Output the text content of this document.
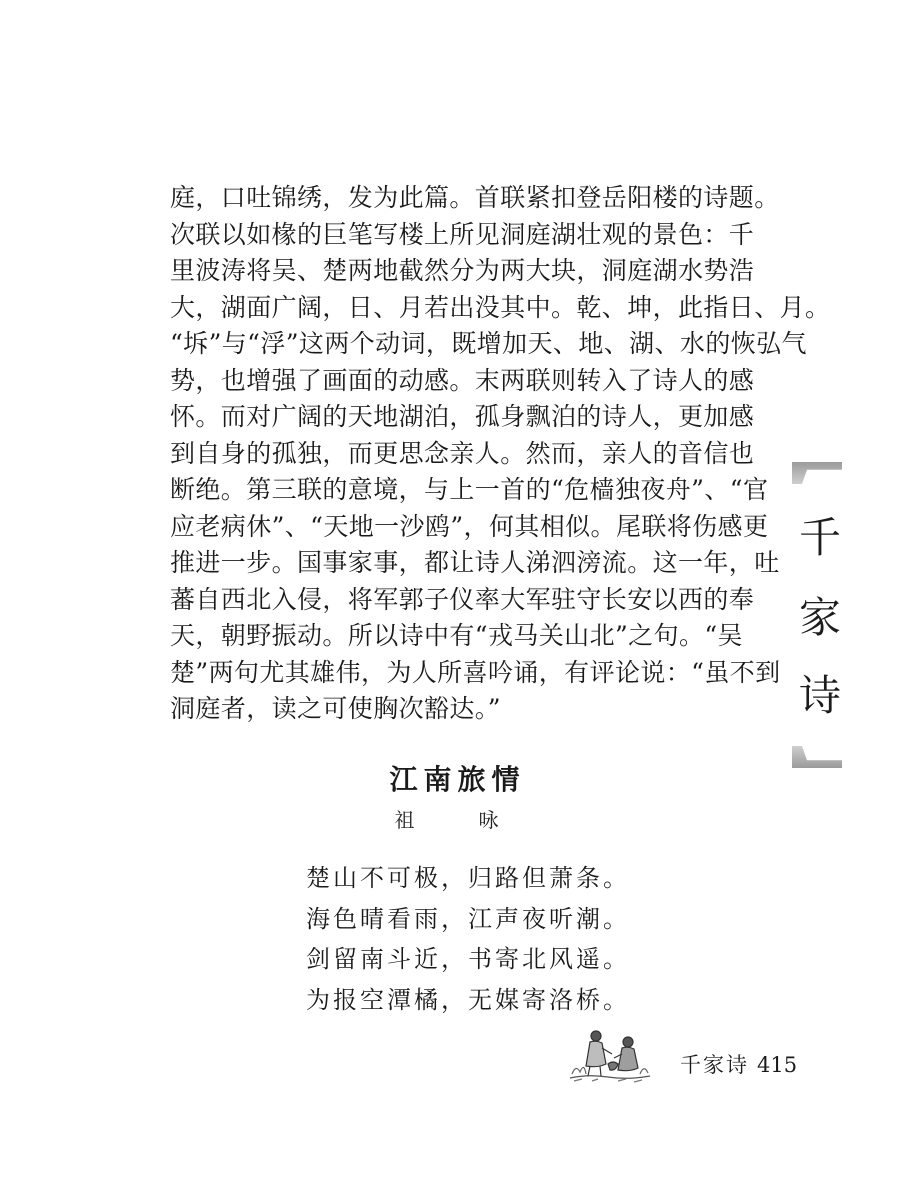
庭，口吐锦绣，发为此篇。首联紧扣登岳阳楼的诗题。
次联以如椽的巨笔写楼上所见洞庭湖壮观的景色：千
里波涛将吴、楚两地截然分为两大块，洞庭湖水势浩
大，湖面广阔，日、月若出没其中。乾、坤，此指日、月。
“坼”与“浮”这两个动词，既增加天、地、湖、水的恢弘气
势，也增强了画面的动感。末两联则转入了诗人的感
怀。而对广阔的天地湖泊，孤身飘泊的诗人，更加感
到自身的孤独，而更思念亲人。然而，亲人的音信也
断绝。第三联的意境，与上一首的“危樯独夜舟”、“官
应老病休”、“天地一沙鸥”，何其相似。尾联将伤感更
推进一步。国事家事，都让诗人涕泗滂流。这一年，吐
蕃自西北入侵，将军郭子仪率大军驻守长安以西的奉
天，朝野振动。所以诗中有“戎马关山北”之句。“吴
楚”两句尤其雄伟，为人所喜吟诵，有评论说：“虽不到
洞庭者，读之可使胸次豁达。”
江南旅情
祖　咏
楚山不可极，归路但萧条。
海色晴看雨，江声夜听潮。
剑留南斗近，书寄北风遥。
为报空潭橘，无媒寄洛桥。
千
家
诗
千家诗 415
